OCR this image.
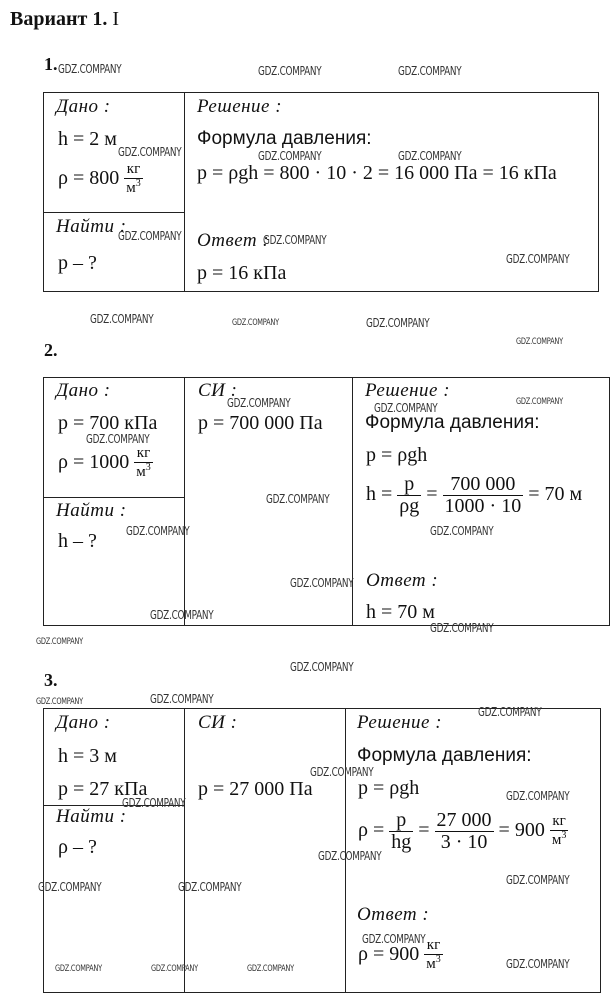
Вариант 1. I
1.
Дано :
h = 2 м
$\rho = 800 \frac{кг}{м^3}$
Найти :
p – ?
Решение :
Формула давления:
p = ρgh = 800 · 10 · 2 = 16 000 Па = 16 кПа
Ответ :
p = 16 кПа
2.
Дано :
p = 700 кПа
$\rho = 1000 \frac{кг}{м^3}$
Найти :
h – ?
СИ :
p = 700 000 Па
Решение :
Формула давления:
p = ρgh
$h = \frac{p}{\rho g} = \frac{700 000}{1000 \cdot 10} = 70$ м
Ответ :
h = 70 м
3.
Дано :
h = 3 м
p = 27 кПа
Найти :
ρ – ?
СИ :
p = 27 000 Па
Решение :
Формула давления:
p = ρgh
$\rho = \frac{p}{hg} = \frac{27 000}{3 \cdot 10} = 900 \frac{кг}{м^3}$
Ответ :
$\rho = 900 \frac{кг}{м^3}$
GDZ.COMPANY	GDZ.COMPANY	GDZ.COMPANY
GDZ.COMPANY	GDZ.COMPANY	GDZ.COMPANY
GDZ.COMPANY	GDZ.COMPANY
GDZ.COMPANY
GDZ.COMPANY	GDZ.COMPANY	GDZ.COMPANY
GDZ.COMPANY
GDZ.COMPANY	GDZ.COMPANY	GDZ.COMPANY
GDZ.COMPANY
GDZ.COMPANY
GDZ.COMPANY	GDZ.COMPANY
GDZ.COMPANY
GDZ.COMPANY
GDZ.COMPANY
GDZ.COMPANY
GDZ.COMPANY
GDZ.COMPANY	GDZ.COMPANY
GDZ.COMPANY
GDZ.COMPANY
GDZ.COMPANY	GDZ.COMPANY
GDZ.COMPANY
GDZ.COMPANY	GDZ.COMPANY	GDZ.COMPANY
GDZ.COMPANY
GDZ.COMPANY
GDZ.COMPANY	GDZ.COMPANY	GDZ.COMPANY
